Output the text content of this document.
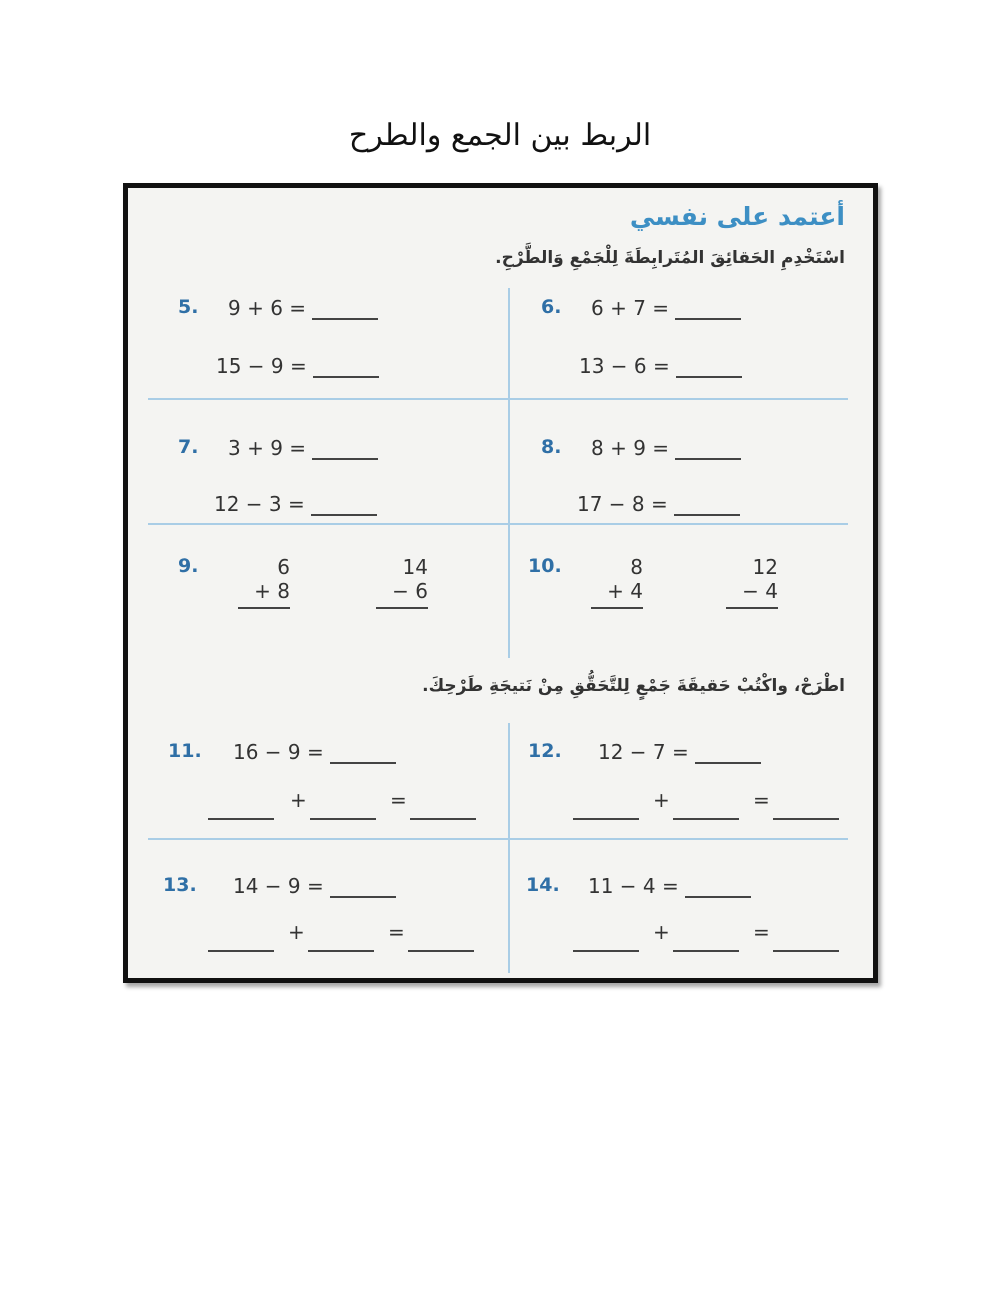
الربط بين الجمع والطرح
أعتمد على نفسي
اسْتَخْدِمِ الحَقائِقَ المُتَرابِطَةَ لِلْجَمْعِ وَالطَّرْحِ.
5. 9 + 6 =
15 − 9 =
6. 6 + 7 =
13 − 6 =
7. 3 + 9 =
12 − 3 =
8. 8 + 9 =
17 − 8 =
9.	6
+ 8
14
− 6
10.	8
+ 4
12
− 4
اطْرَحْ، واكْتُبْ حَقيقَةَ جَمْعٍ لِلتَّحَقُّقِ مِنْ نَتيجَةِ طَرْحِكَ.
11. 16 − 9 =
+	=
12. 12 − 7 =
+	=
13. 14 − 9 =
+	=
14. 11 − 4 =
+	=
